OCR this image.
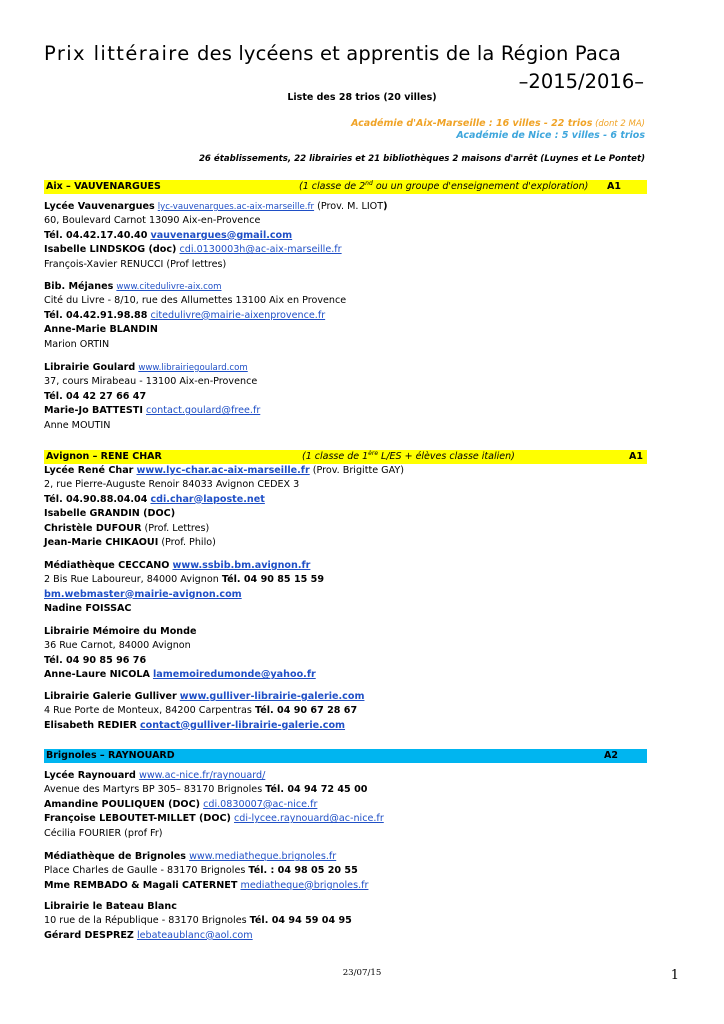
Prix littéraire des lycéens et apprentis de la Région Paca
–2015/2016–
Liste des 28 trios (20 villes)
Académie d'Aix-Marseille : 16 villes - 22 trios (dont 2 MA)
Académie de Nice : 5 villes - 6 trios
26 établissements, 22 librairies et 21 bibliothèques 2 maisons d'arrêt (Luynes et Le Pontet)
Aix – VAUVENARGUES	(1 classe de 2nd ou un groupe d'enseignement d'exploration) A1
Lycée Vauvenargues lyc-vauvenargues.ac-aix-marseille.fr (Prov. M. LIOT)
60, Boulevard Carnot 13090 Aix-en-Provence
Tél. 04.42.17.40.40 vauvenargues@gmail.com
Isabelle LINDSKOG (doc) cdi.0130003h@ac-aix-marseille.fr
François-Xavier RENUCCI (Prof lettres)
Bib. Méjanes www.citedulivre-aix.com
Cité du Livre - 8/10, rue des Allumettes 13100 Aix en Provence
Tél. 04.42.91.98.88 citedulivre@mairie-aixenprovence.fr
Anne-Marie BLANDIN
Marion ORTIN
Librairie Goulard www.librairiegoulard.com
37, cours Mirabeau - 13100 Aix-en-Provence
Tél. 04 42 27 66 47
Marie-Jo BATTESTI contact.goulard@free.fr
Anne MOUTIN
Avignon – RENE CHAR	(1 classe de 1ère L/ES + élèves classe italien)	A1
Lycée René Char www.lyc-char.ac-aix-marseille.fr (Prov. Brigitte GAY)
2, rue Pierre-Auguste Renoir 84033 Avignon CEDEX 3
Tél. 04.90.88.04.04 cdi.char@laposte.net
Isabelle GRANDIN (DOC)
Christèle DUFOUR (Prof. Lettres)
Jean-Marie CHIKAOUI (Prof. Philo)
Médiathèque CECCANO www.ssbib.bm.avignon.fr
2 Bis Rue Laboureur, 84000 Avignon Tél. 04 90 85 15 59
bm.webmaster@mairie-avignon.com
Nadine FOISSAC
Librairie Mémoire du Monde
36 Rue Carnot, 84000 Avignon
Tél. 04 90 85 96 76
Anne-Laure NICOLA lamemoiredumonde@yahoo.fr
Librairie Galerie Gulliver www.gulliver-librairie-galerie.com
4 Rue Porte de Monteux, 84200 Carpentras Tél. 04 90 67 28 67
Elisabeth REDIER contact@gulliver-librairie-galerie.com
Brignoles – RAYNOUARD	A2
Lycée Raynouard www.ac-nice.fr/raynouard/
Avenue des Martyrs BP 305– 83170 Brignoles Tél. 04 94 72 45 00
Amandine POULIQUEN (DOC) cdi.0830007@ac-nice.fr
Françoise LEBOUTET-MILLET (DOC) cdi-lycee.raynouard@ac-nice.fr
Cécilia FOURIER (prof Fr)
Médiathèque de Brignoles www.mediatheque.brignoles.fr
Place Charles de Gaulle - 83170 Brignoles Tél. : 04 98 05 20 55
Mme REMBADO & Magali CATERNET mediatheque@brignoles.fr
Librairie le Bateau Blanc
10 rue de la République - 83170 Brignoles Tél. 04 94 59 04 95
Gérard DESPREZ lebateaublanc@aol.com
23/07/15	1
